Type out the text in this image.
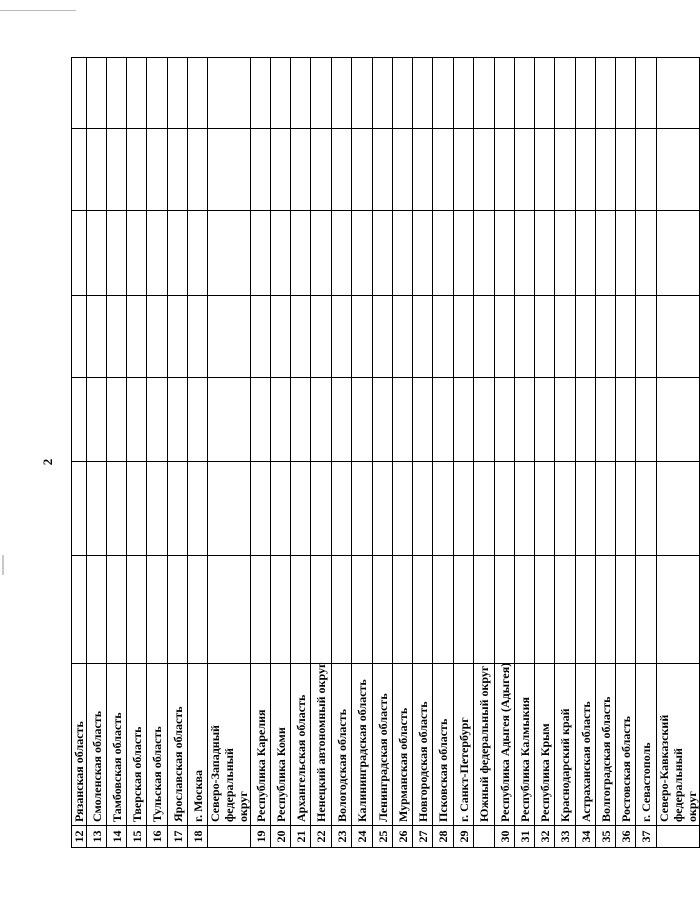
2
12	Рязанская область							
13	Смоленская область							
14	Тамбовская область							
15	Тверская область							
16	Тульская область							
17	Ярославская область							
18	г. Москва							
	Северо-Западный федеральный округ							

19	Республика Карелия							
20	Республика Коми							
21	Архангельская область							
22	Ненецкий автономный округ							
23	Вологодская область							
24	Калининградская область							
25	Ленинградская область							
26	Мурманская область							
27	Новгородская область							
28	Псковская область							
29	г. Санкт-Петербург							
	Южный федеральный округ							
30	Республика Адыгея (Адыгея)							
31	Республика Калмыкия							
32	Республика Крым							
33	Краснодарский край							
34	Астраханская область							
35	Волгоградская область							
36	Ростовская область							
37	г. Севастополь							
	Северо-Кавказский федеральный округ							
